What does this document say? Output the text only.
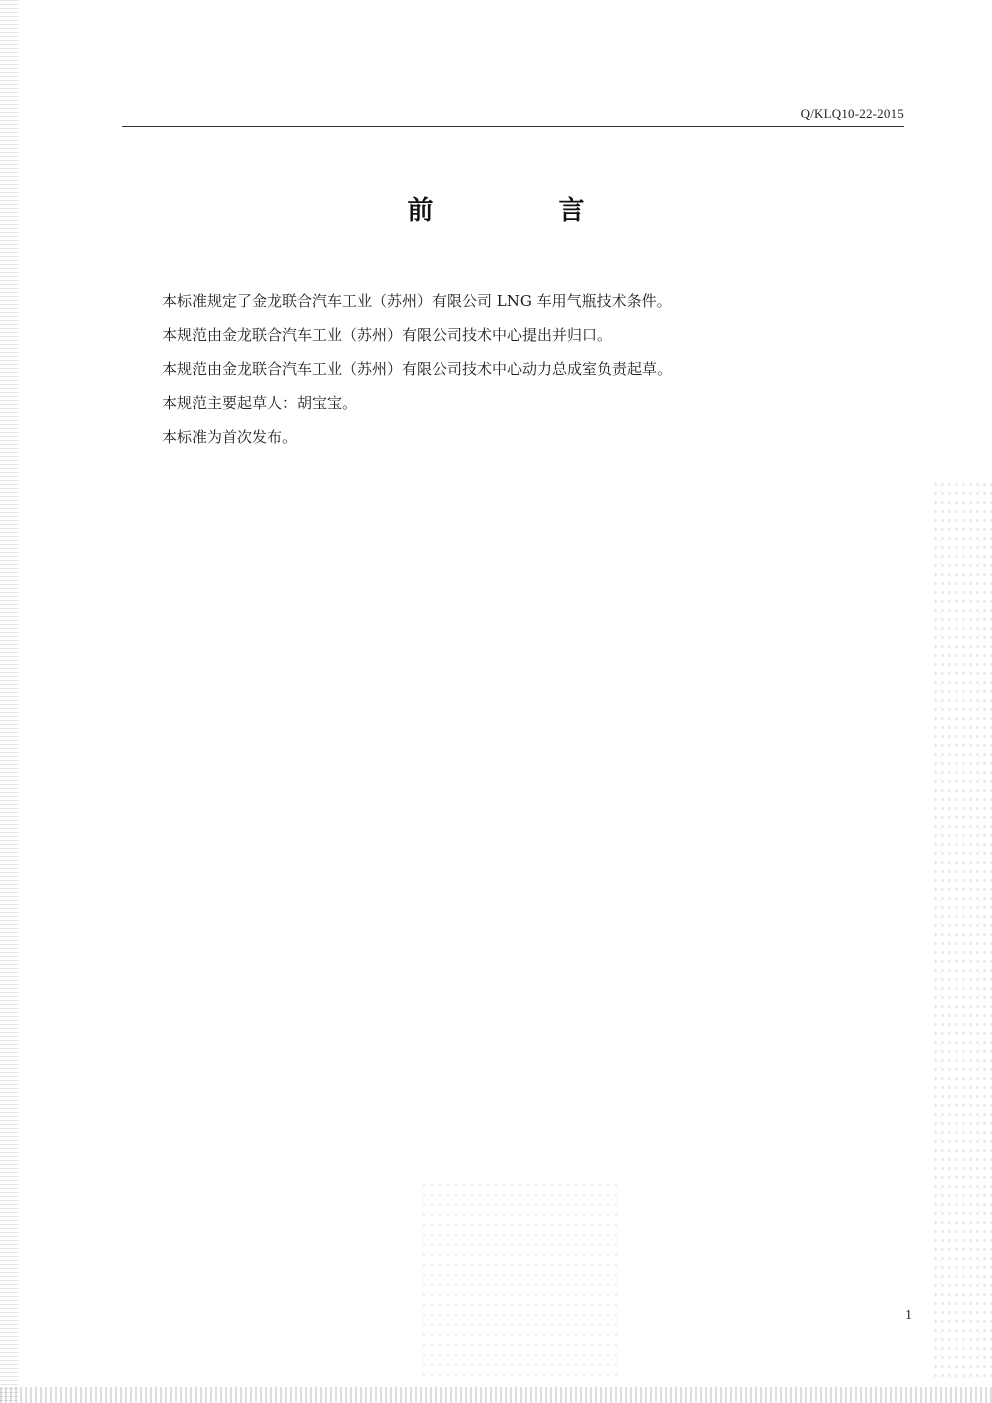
Q/KLQ10-22-2015
前 言

本标准规定了金龙联合汽车工业（苏州）有限公司 LNG 车用气瓶技术条件。

本规范由金龙联合汽车工业（苏州）有限公司技术中心提出并归口。

本规范由金龙联合汽车工业（苏州）有限公司技术中心动力总成室负责起草。

本规范主要起草人：胡宝宝。

本标准为首次发布。

1
